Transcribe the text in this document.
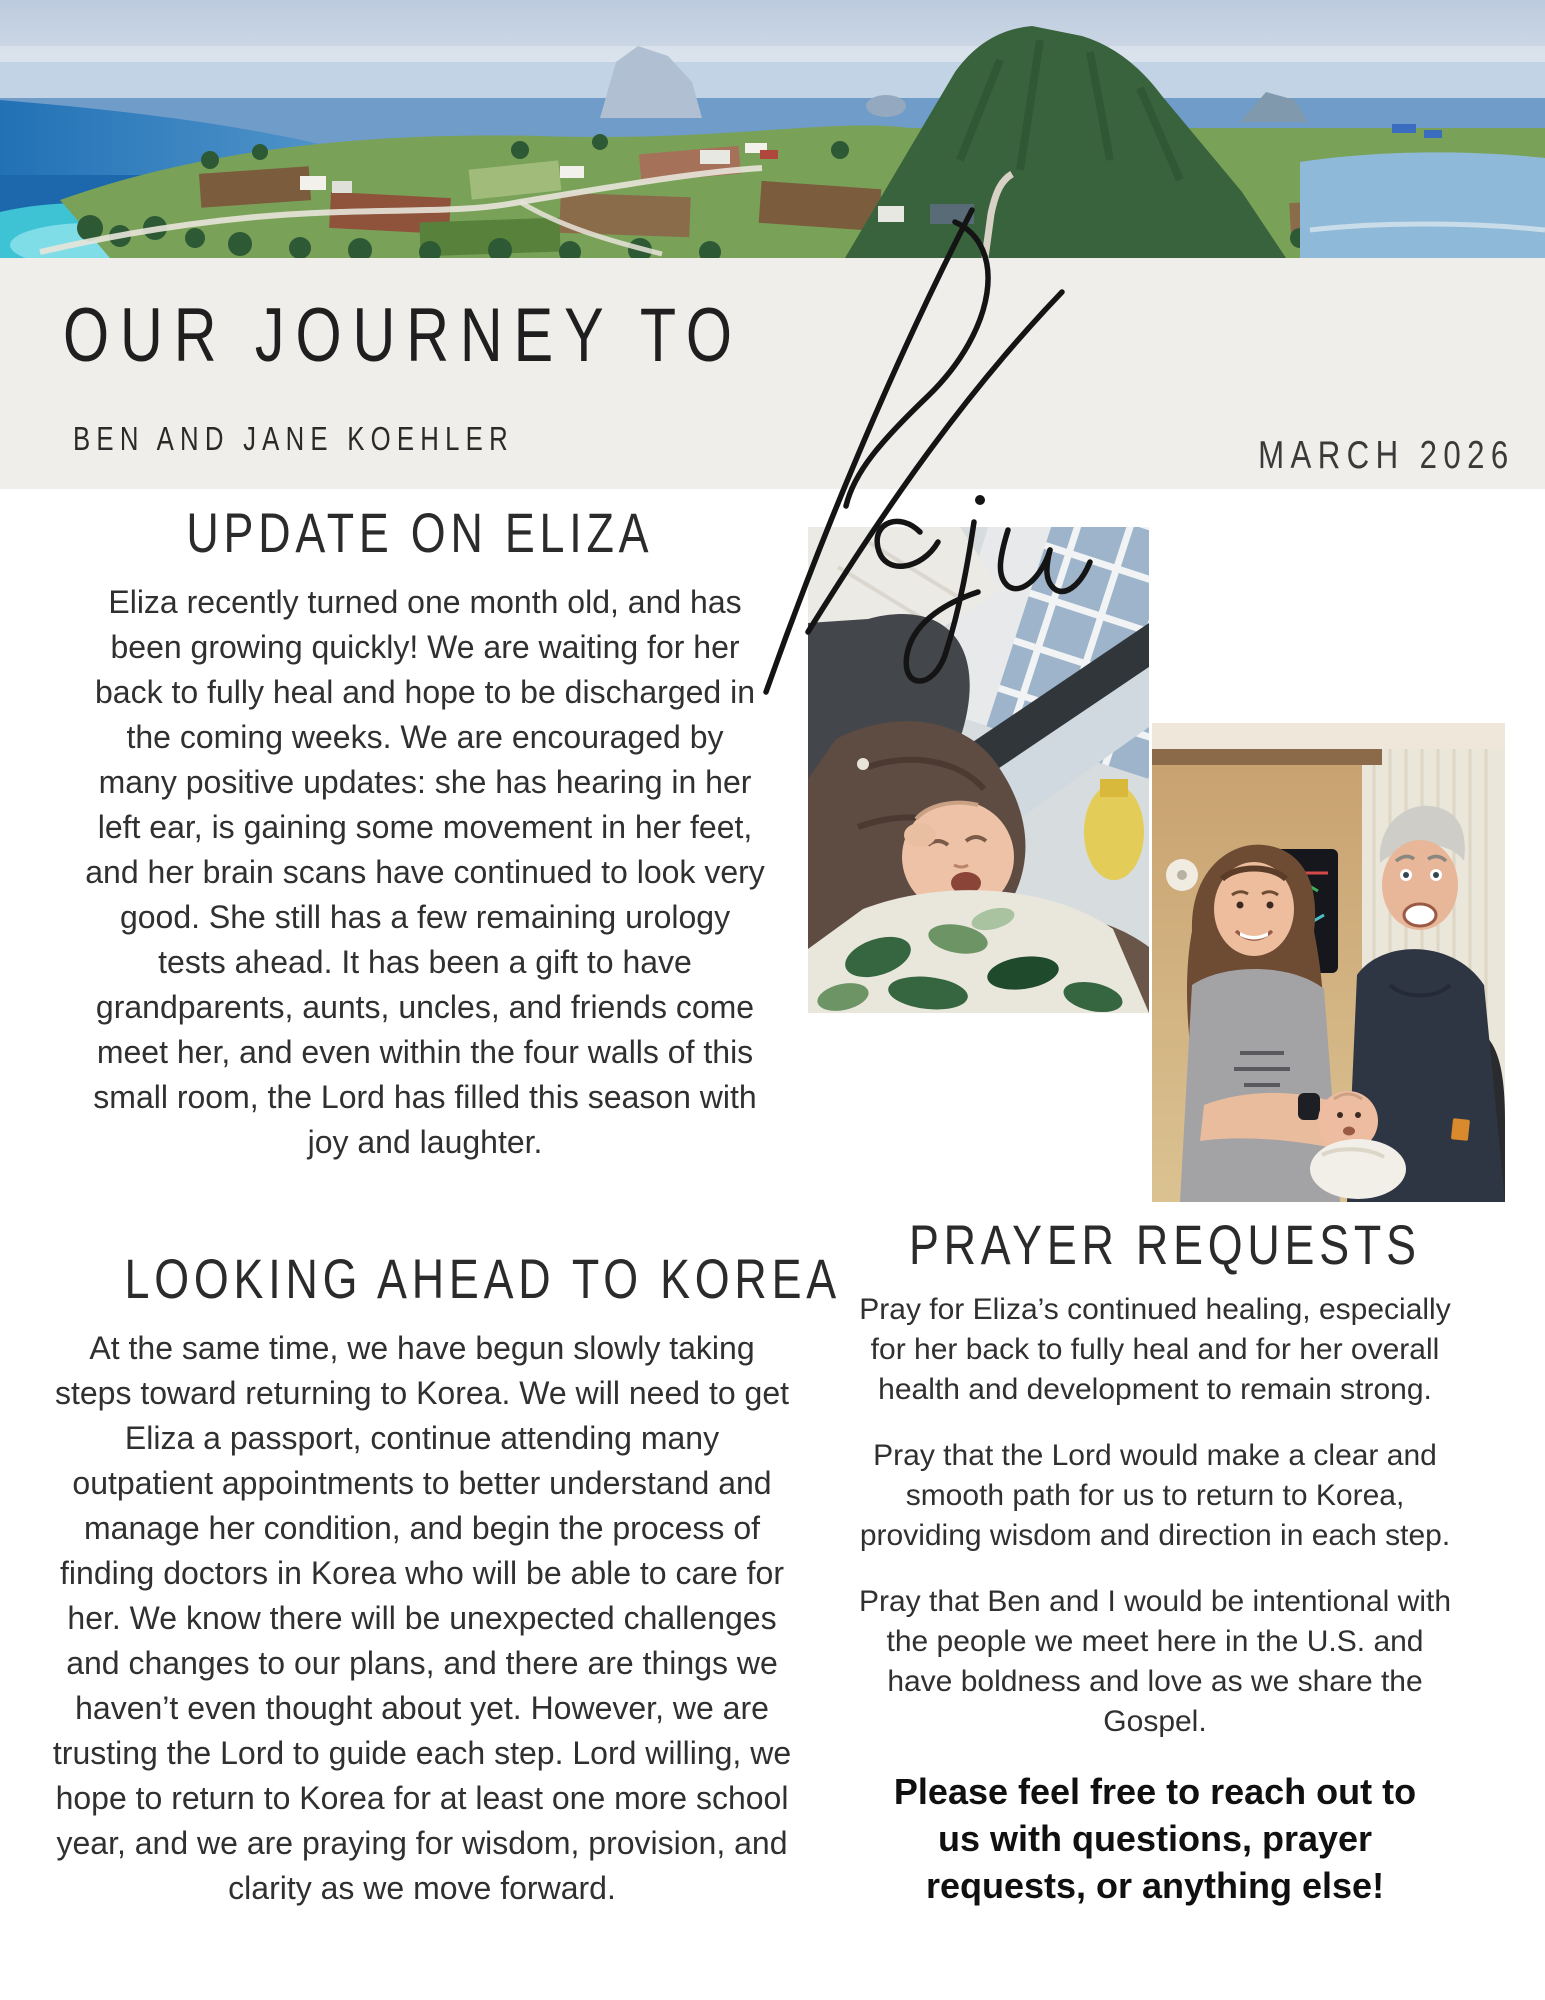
OUR JOURNEY TO
BEN AND JANE KOEHLER	MARCH 2026
UPDATE ON ELIZA
Eliza recently turned one month old, and has been growing quickly! We are waiting for her back to fully heal and hope to be discharged in the coming weeks. We are encouraged by many positive updates: she has hearing in her left ear, is gaining some movement in her feet, and her brain scans have continued to look very good. She still has a few remaining urology tests ahead. It has been a gift to have grandparents, aunts, uncles, and friends come meet her, and even within the four walls of this small room, the Lord has filled this season with joy and laughter.
LOOKING AHEAD TO KOREA
At the same time, we have begun slowly taking steps toward returning to Korea. We will need to get Eliza a passport, continue attending many outpatient appointments to better understand and manage her condition, and begin the process of finding doctors in Korea who will be able to care for her. We know there will be unexpected challenges and changes to our plans, and there are things we haven’t even thought about yet. However, we are trusting the Lord to guide each step. Lord willing, we hope to return to Korea for at least one more school year, and we are praying for wisdom, provision, and clarity as we move forward.
PRAYER REQUESTS

Pray for Eliza’s continued healing, especially for her back to fully heal and for her overall health and development to remain strong.

Pray that the Lord would make a clear and smooth path for us to return to Korea, providing wisdom and direction in each step.

Pray that Ben and I would be intentional with the people we meet here in the U.S. and have boldness and love as we share the Gospel.

Please feel free to reach out to
us with questions, prayer
requests, or anything else!
